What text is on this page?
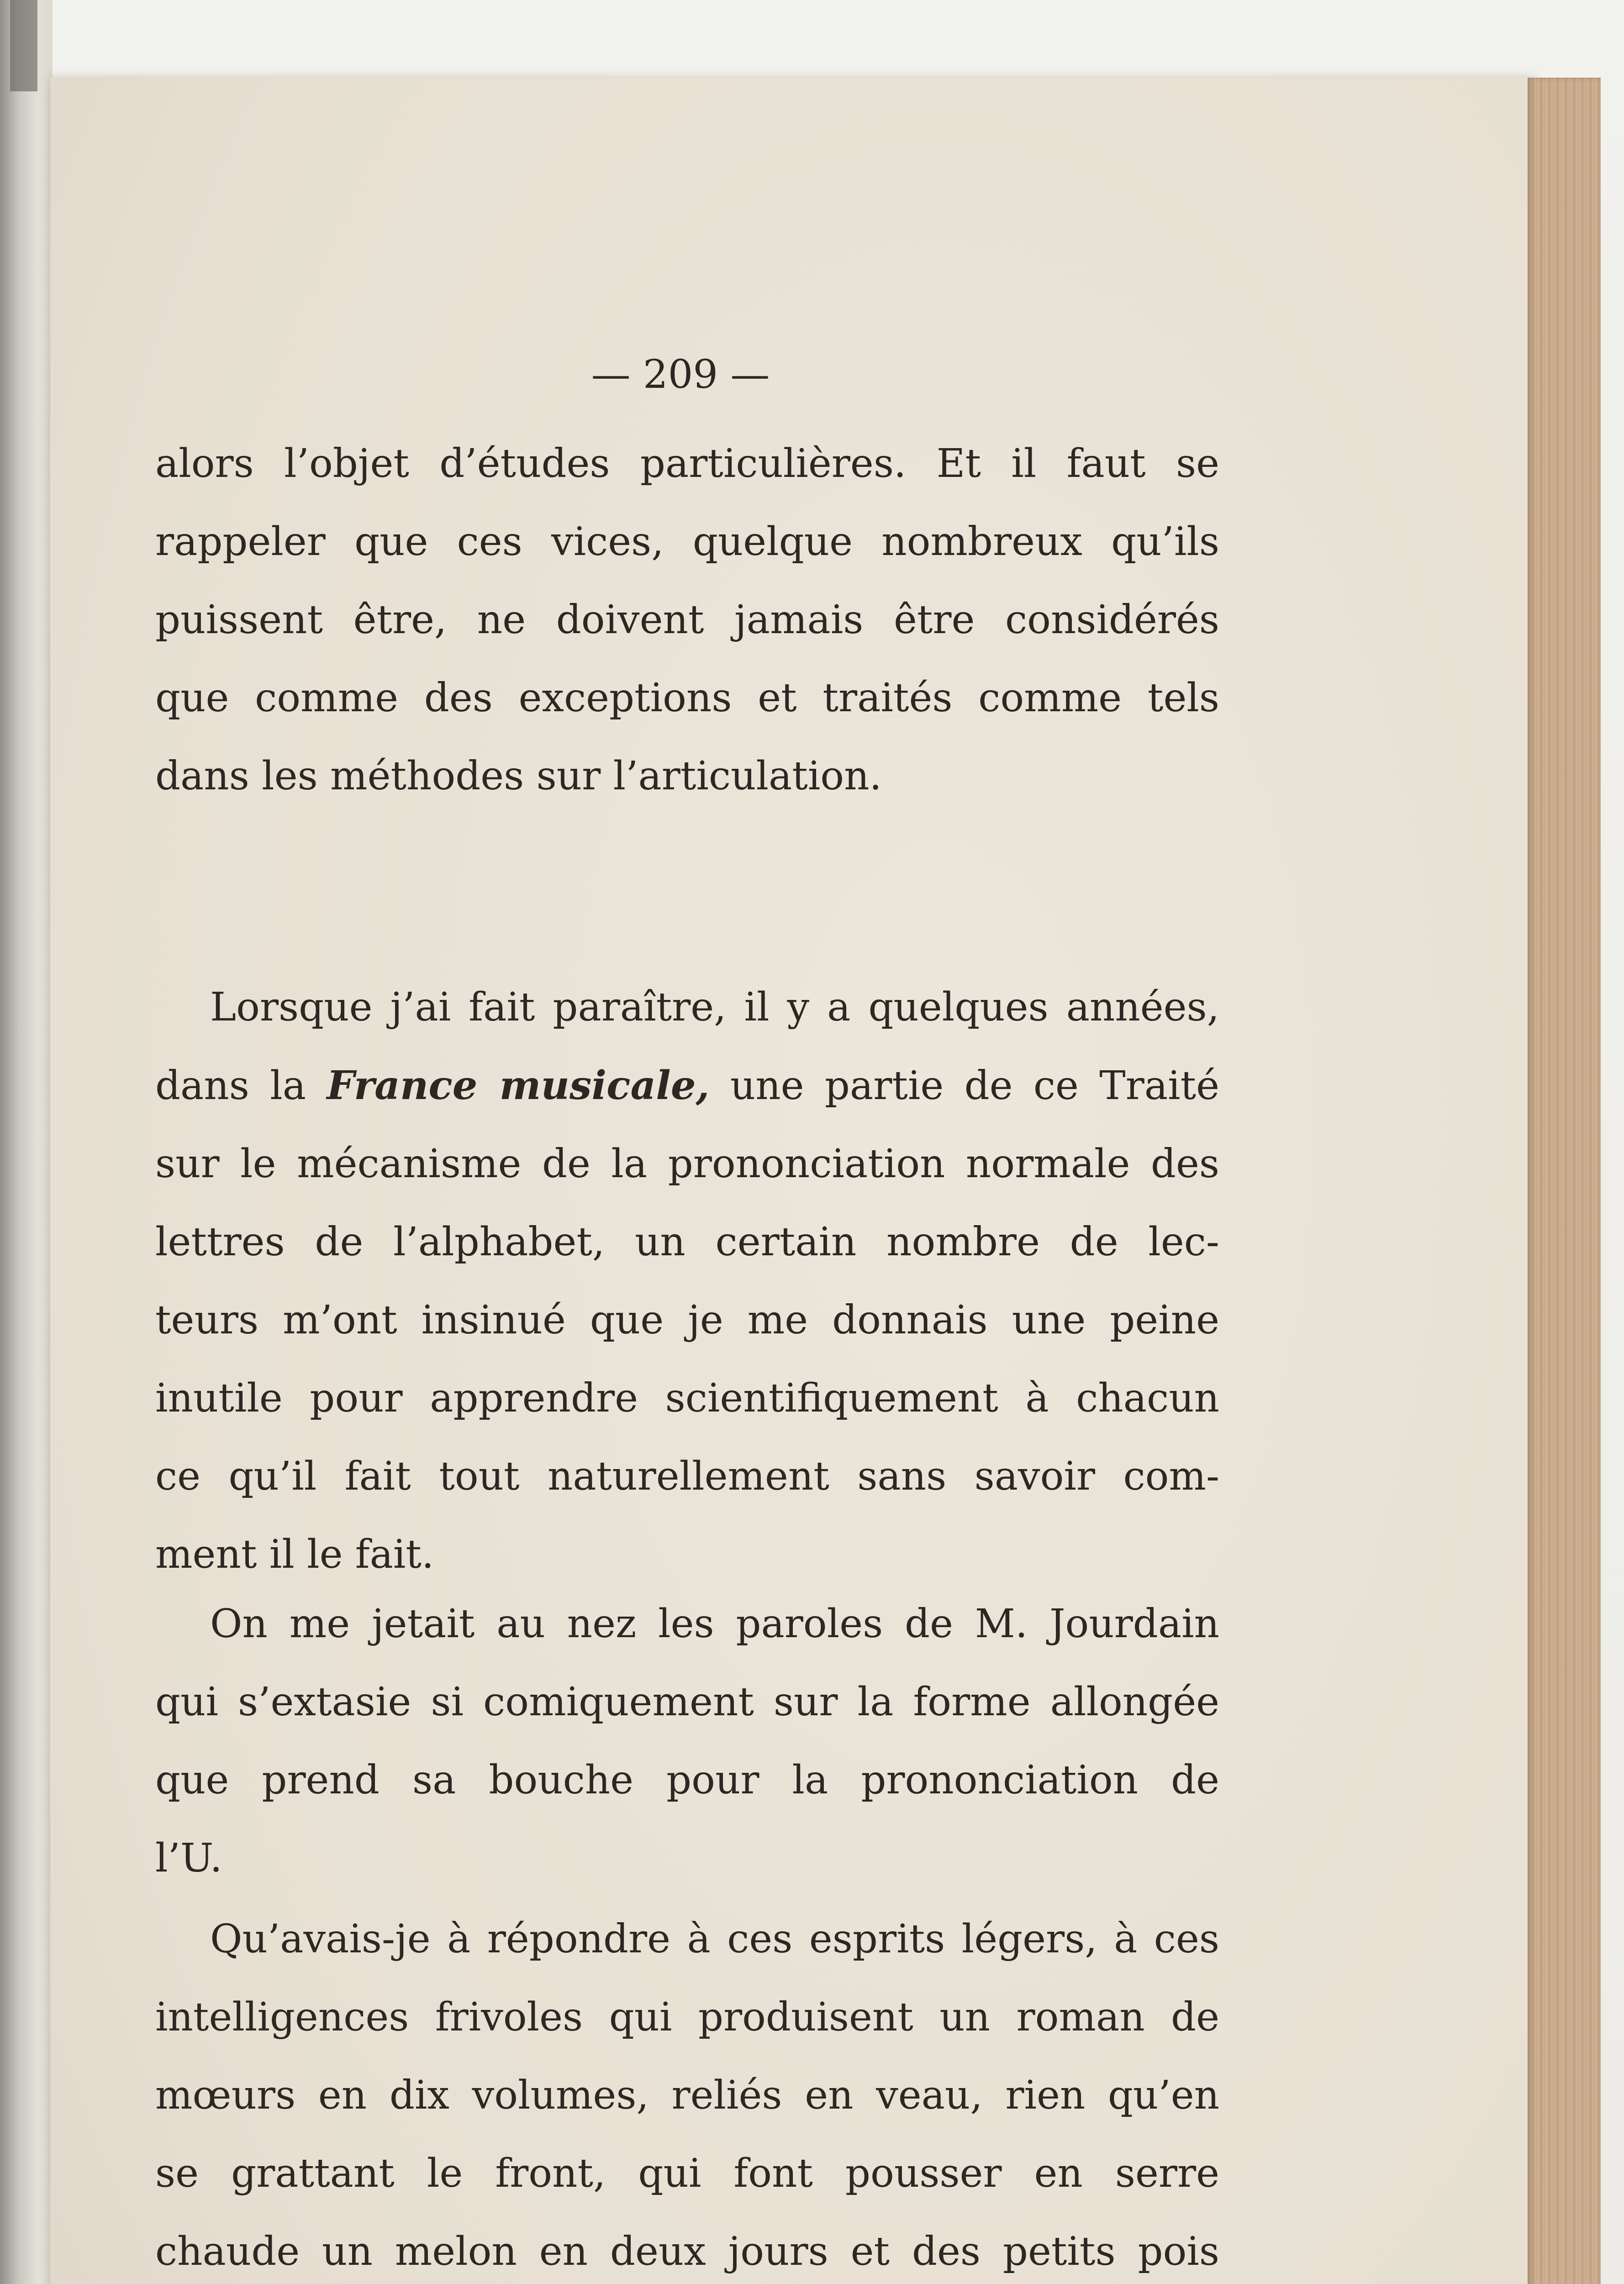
— 209 —
alors l’objet d’études particulières. Et il faut se
rappeler que ces vices, quelque nombreux qu’ils
puissent être, ne doivent jamais être considérés
que comme des exceptions et traités comme tels
dans les méthodes sur l’articulation.
Lorsque j’ai fait paraître, il y a quelques années,
dans la France musicale, une partie de ce Traité
sur le mécanisme de la prononciation normale des
lettres de l’alphabet, un certain nombre de lec-
teurs m’ont insinué que je me donnais une peine
inutile pour apprendre scientifiquement à chacun
ce qu’il fait tout naturellement sans savoir com-
ment il le fait.
On me jetait au nez les paroles de M. Jourdain
qui s’extasie si comiquement sur la forme allongée
que prend sa bouche pour la prononciation de
l’U.
Qu’avais-je à répondre à ces esprits légers, à ces
intelligences frivoles qui produisent un roman de
mœurs en dix volumes, reliés en veau, rien qu’en
se grattant le front, qui font pousser en serre
chaude un melon en deux jours et des petits pois
